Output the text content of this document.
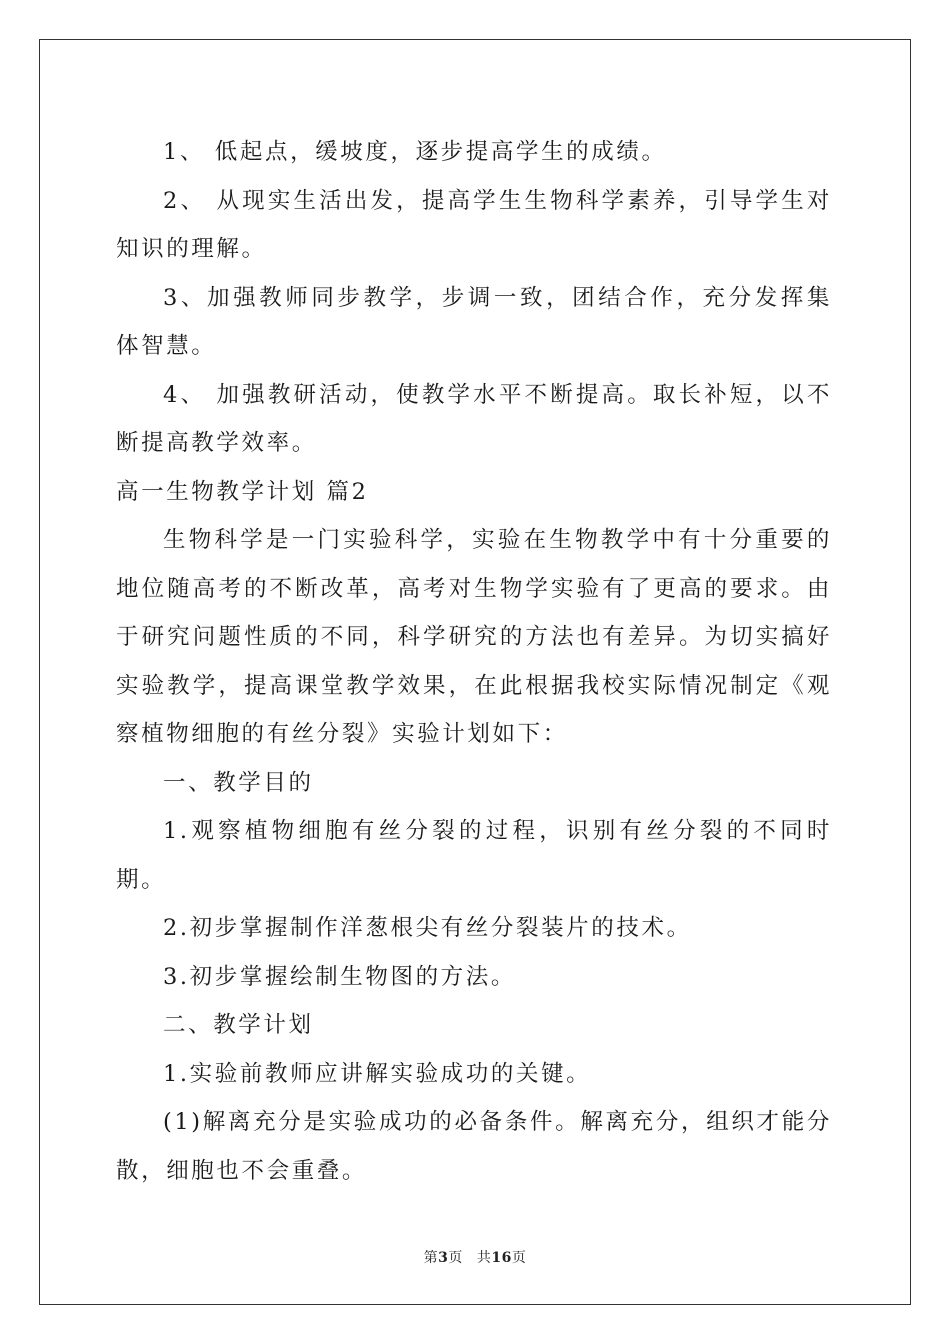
1、 低起点，缓坡度，逐步提高学生的成绩。

2、 从现实生活出发，提高学生生物科学素养，引导学生对知识的理解。

3、加强教师同步教学，步调一致，团结合作，充分发挥集体智慧。

4、 加强教研活动，使教学水平不断提高。取长补短，以不断提高教学效率。

高一生物教学计划 篇2

生物科学是一门实验科学，实验在生物教学中有十分重要的地位随高考的不断改革，高考对生物学实验有了更高的要求。由于研究问题性质的不同，科学研究的方法也有差异。为切实搞好实验教学，提高课堂教学效果，在此根据我校实际情况制定《观察植物细胞的有丝分裂》实验计划如下：

一、教学目的

1.观察植物细胞有丝分裂的过程，识别有丝分裂的不同时期。

2.初步掌握制作洋葱根尖有丝分裂装片的技术。

3.初步掌握绘制生物图的方法。

二、教学计划

1.实验前教师应讲解实验成功的关键。

(1)解离充分是实验成功的必备条件。解离充分，组织才能分散，细胞也不会重叠。

第3页 共16页
